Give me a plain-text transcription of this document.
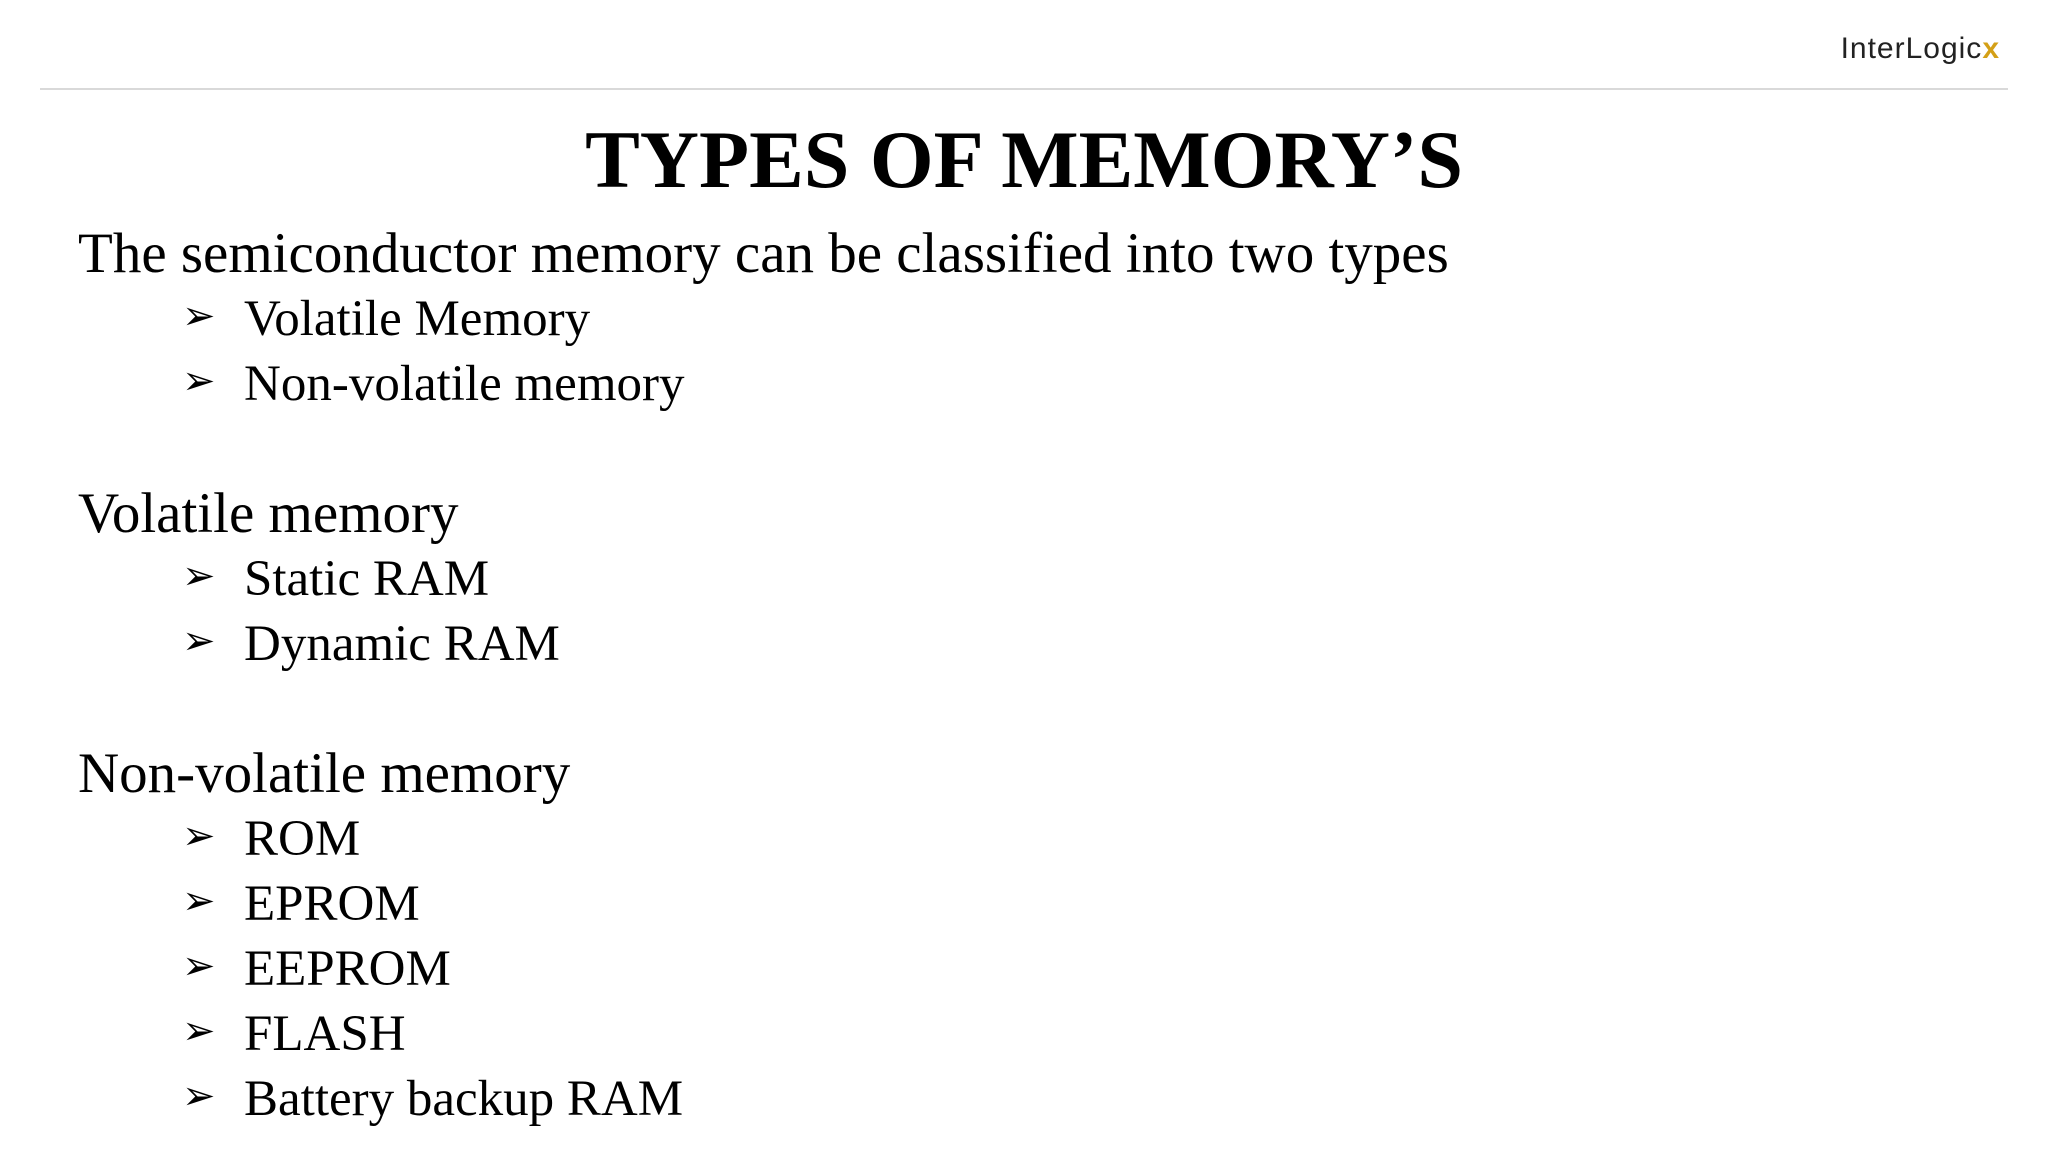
InterLogicx
TYPES OF MEMORY’S

The semiconductor memory can be classified into two types

➢ Volatile Memory
➢ Non-volatile memory

Volatile memory

➢ Static RAM
➢ Dynamic RAM

Non-volatile memory

➢ ROM
➢ EPROM
➢ EEPROM
➢ FLASH
➢ Battery backup RAM
